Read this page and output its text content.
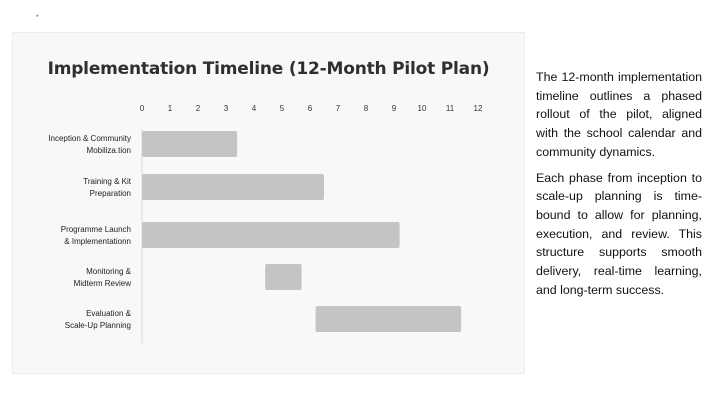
*
Implementation Timeline (12-Month Pilot Plan)
0	1	2	3	4	5	6	7	8	9	10 11 12
Inception & Community
Mobiliza.tion
Training & Kit
Preparation
Programme Launch
& Implementationn
Monitoring &
Midterm Review
Evaluation &
Scale-Up Planning

The 12-month implementation timeline outlines a phased rollout of the pilot, aligned with the school calendar and community dynamics.

Each phase from inception to scale-up planning is time-bound to allow for planning, execution, and review. This structure supports smooth delivery, real-time learning, and long-term success.
